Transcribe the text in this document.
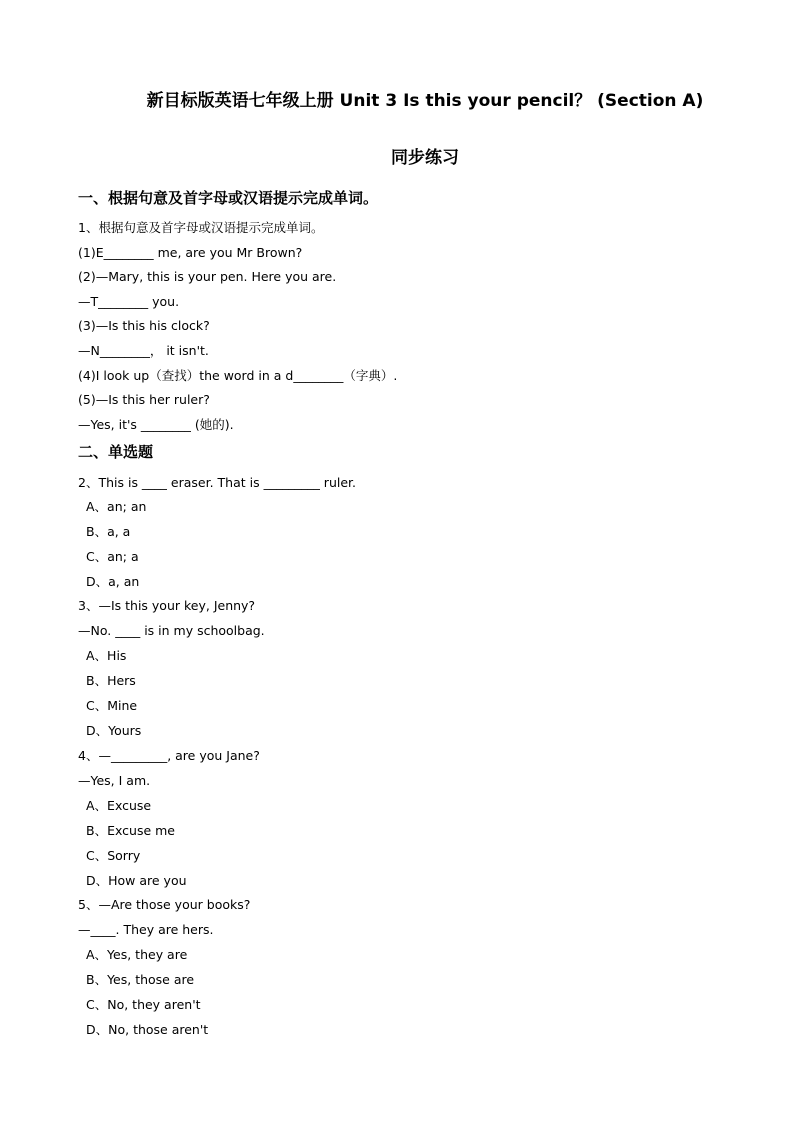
新目标版英语七年级上册 Unit 3 Is this your pencil？ (Section A)
同步练习
一、根据句意及首字母或汉语提示完成单词。
1、根据句意及首字母或汉语提示完成单词。
(1)E________ me, are you Mr Brown?
(2)—Mary, this is your pen. Here you are.
—T________ you.
(3)—Is this his clock?
—N________， it isn't.
(4)I look up（查找）the word in a d________（字典）.
(5)—Is this her ruler?
—Yes, it's ________ (她的).
二、单选题
2、This is ____ eraser. That is _________ ruler.
A、an; an
B、a, a
C、an; a
D、a, an
3、—Is this your key, Jenny?
—No. ____ is in my schoolbag.
A、His
B、Hers
C、Mine
D、Yours
4、—_________, are you Jane?
—Yes, I am.
A、Excuse
B、Excuse me
C、Sorry
D、How are you
5、—Are those your books?
—____. They are hers.
A、Yes, they are
B、Yes, those are
C、No, they aren't
D、No, those aren't
